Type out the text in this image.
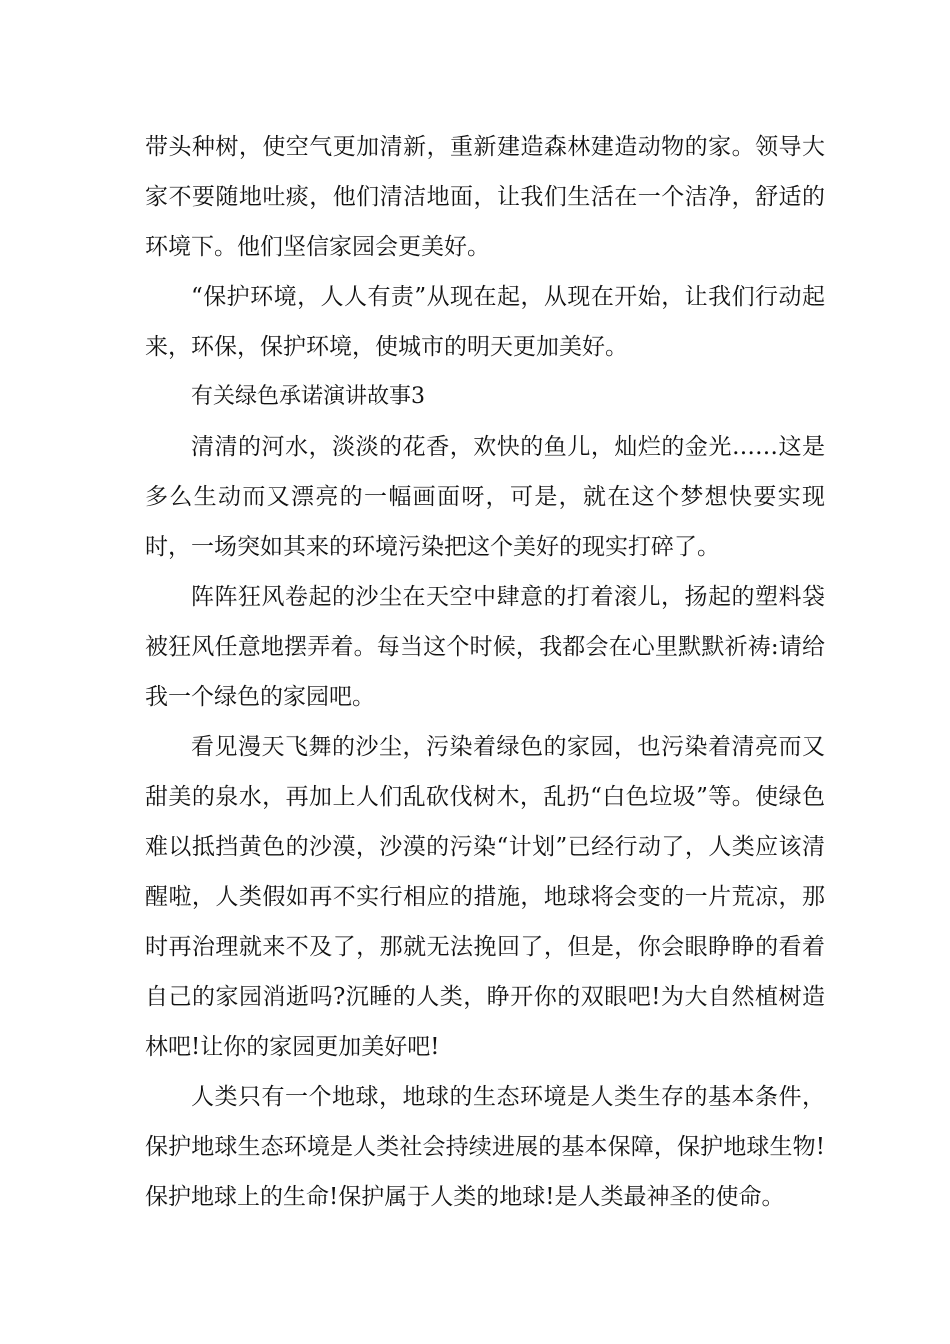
带头种树，使空气更加清新，重新建造森林建造动物的家。领导大家不要随地吐痰，他们清洁地面，让我们生活在一个洁净，舒适的环境下。他们坚信家园会更美好。

“保护环境，人人有责”从现在起，从现在开始，让我们行动起来，环保，保护环境，使城市的明天更加美好。

有关绿色承诺演讲故事3

清清的河水，淡淡的花香，欢快的鱼儿，灿烂的金光……这是多么生动而又漂亮的一幅画面呀，可是，就在这个梦想快要实现时，一场突如其来的环境污染把这个美好的现实打碎了。

阵阵狂风卷起的沙尘在天空中肆意的打着滚儿，扬起的塑料袋被狂风任意地摆弄着。每当这个时候，我都会在心里默默祈祷:请给我一个绿色的家园吧。

看见漫天飞舞的沙尘，污染着绿色的家园，也污染着清亮而又甜美的泉水，再加上人们乱砍伐树木，乱扔“白色垃圾”等。使绿色难以抵挡黄色的沙漠，沙漠的污染“计划”已经行动了，人类应该清醒啦，人类假如再不实行相应的措施，地球将会变的一片荒凉，那时再治理就来不及了，那就无法挽回了，但是，你会眼睁睁的看着自己的家园消逝吗?沉睡的人类，睁开你的双眼吧!为大自然植树造林吧!让你的家园更加美好吧!

人类只有一个地球，地球的生态环境是人类生存的基本条件，保护地球生态环境是人类社会持续进展的基本保障，保护地球生物!保护地球上的生命!保护属于人类的地球!是人类最神圣的使命。
